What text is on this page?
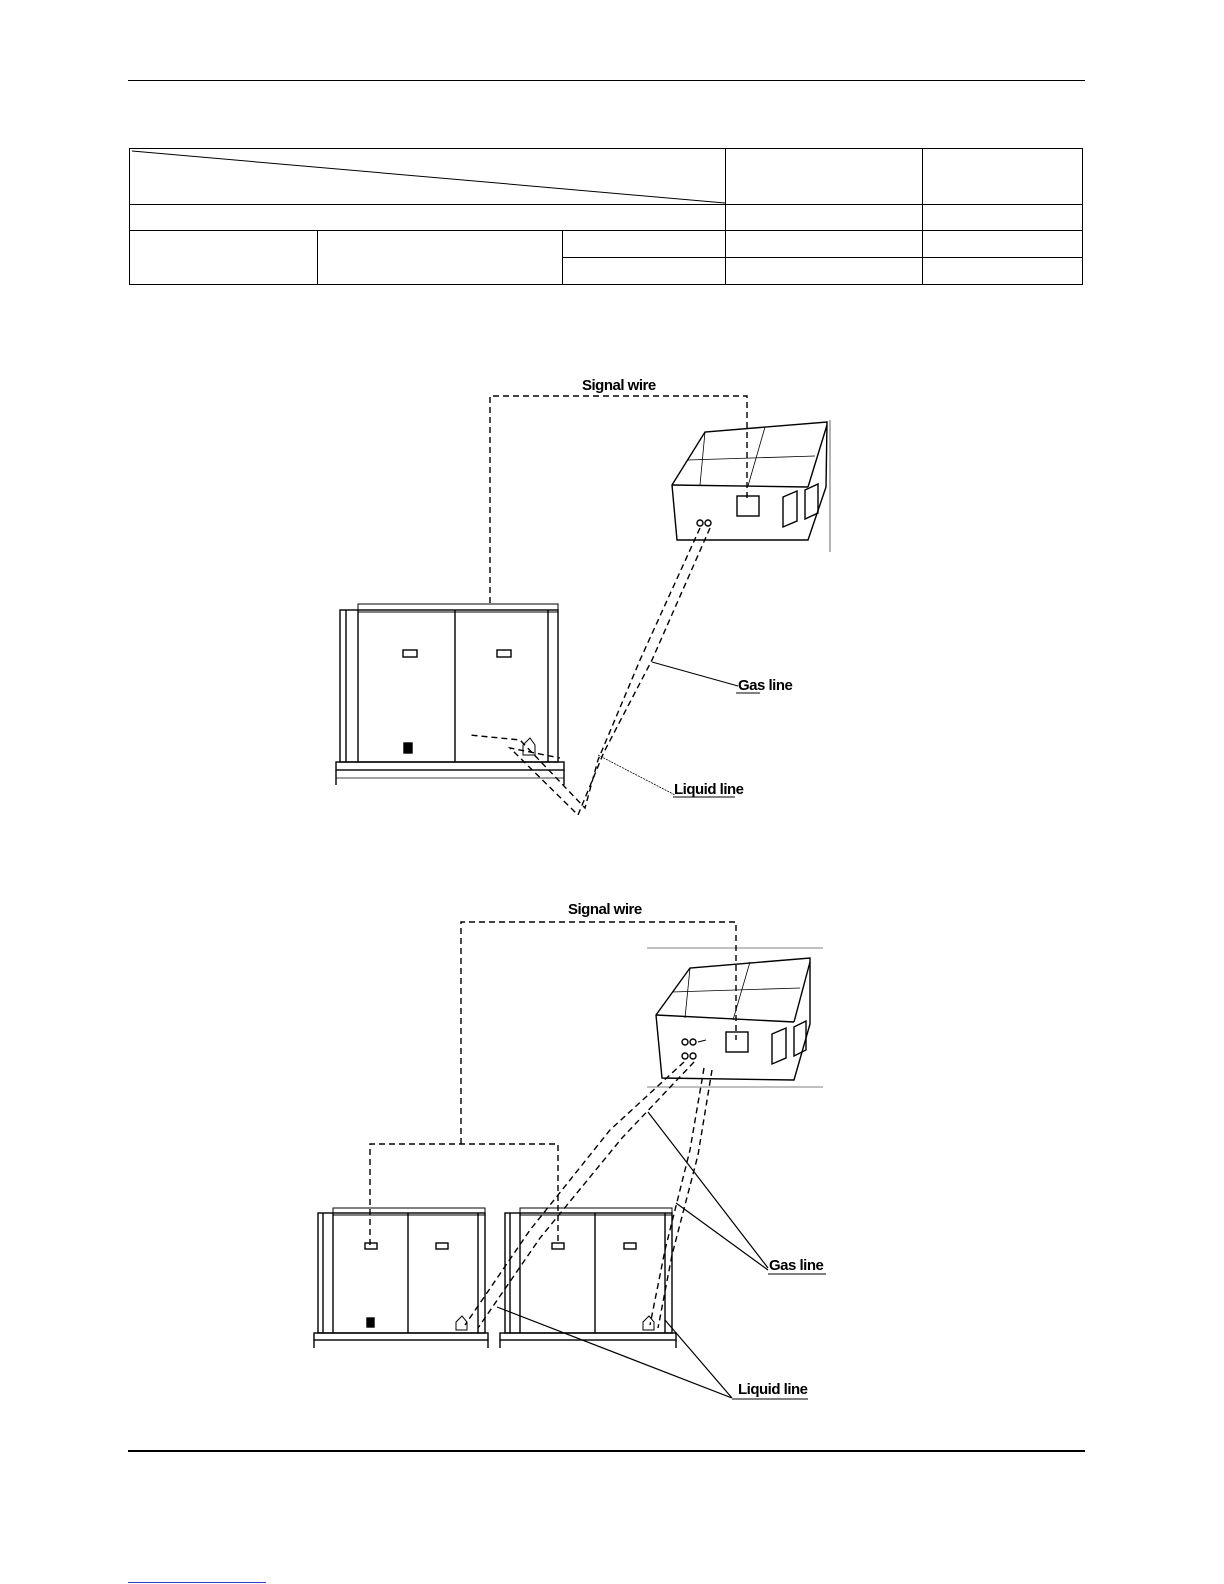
Signal wire
Gas line
Liquid line
Signal wire
Gas line
Liquid line
